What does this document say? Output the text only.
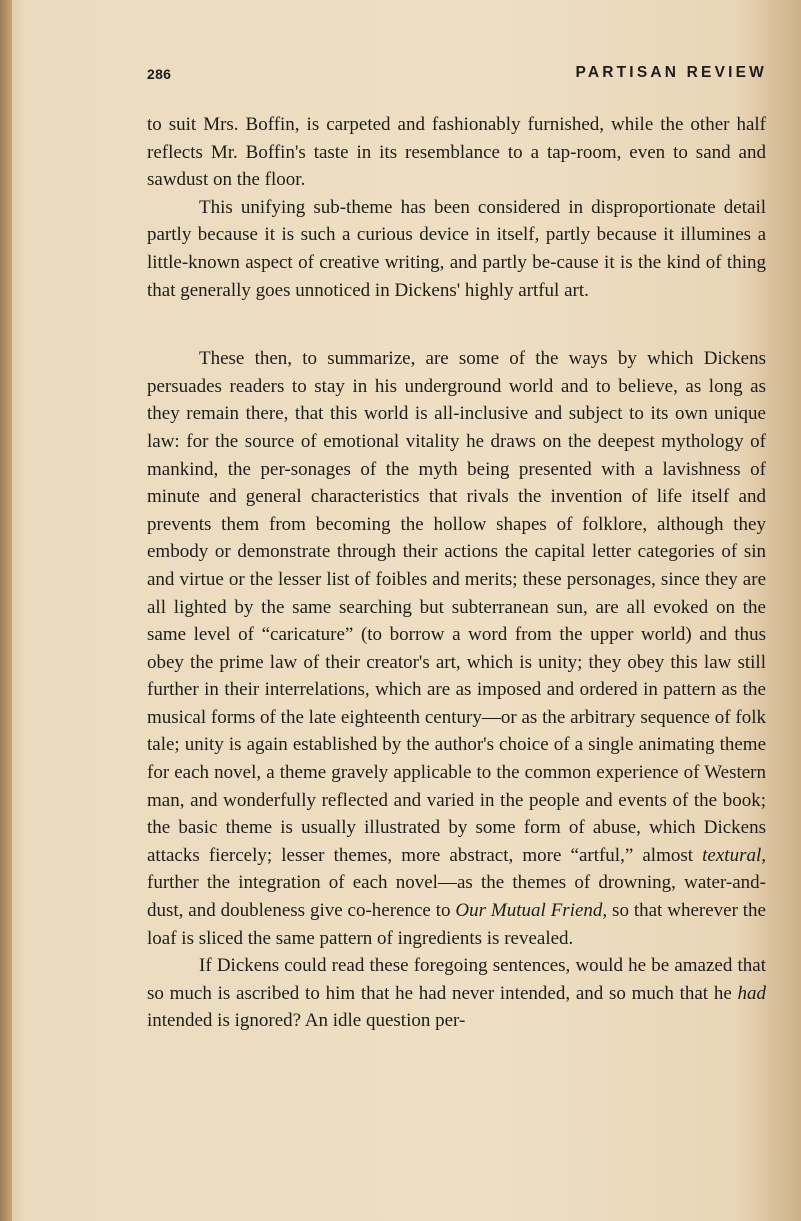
286	PARTISAN REVIEW

to suit Mrs. Boffin, is carpeted and fashionably furnished, while the other half reflects Mr. Boffin's taste in its resemblance to a tap-room, even to sand and sawdust on the floor.

This unifying sub-theme has been considered in disproportionate detail partly because it is such a curious device in itself, partly because it illumines a little-known aspect of creative writing, and partly be-cause it is the kind of thing that generally goes unnoticed in Dickens' highly artful art.

These then, to summarize, are some of the ways by which Dickens persuades readers to stay in his underground world and to believe, as long as they remain there, that this world is all-inclusive and subject to its own unique law: for the source of emotional vitality he draws on the deepest mythology of mankind, the per-sonages of the myth being presented with a lavishness of minute and general characteristics that rivals the invention of life itself and prevents them from becoming the hollow shapes of folklore, although they embody or demonstrate through their actions the capital letter categories of sin and virtue or the lesser list of foibles and merits; these personages, since they are all lighted by the same searching but subterranean sun, are all evoked on the same level of “caricature” (to borrow a word from the upper world) and thus obey the prime law of their creator's art, which is unity; they obey this law still further in their interrelations, which are as imposed and ordered in pattern as the musical forms of the late eighteenth century—or as the arbitrary sequence of folk tale; unity is again established by the author's choice of a single animating theme for each novel, a theme gravely applicable to the common experience of Western man, and wonderfully reflected and varied in the people and events of the book; the basic theme is usually illustrated by some form of abuse, which Dickens attacks fiercely; lesser themes, more abstract, more “artful,” almost textural, further the integration of each novel—as the themes of drowning, water-and-dust, and doubleness give co-herence to Our Mutual Friend, so that wherever the loaf is sliced the same pattern of ingredients is revealed.

If Dickens could read these foregoing sentences, would he be amazed that so much is ascribed to him that he had never intended, and so much that he had intended is ignored? An idle question per-
